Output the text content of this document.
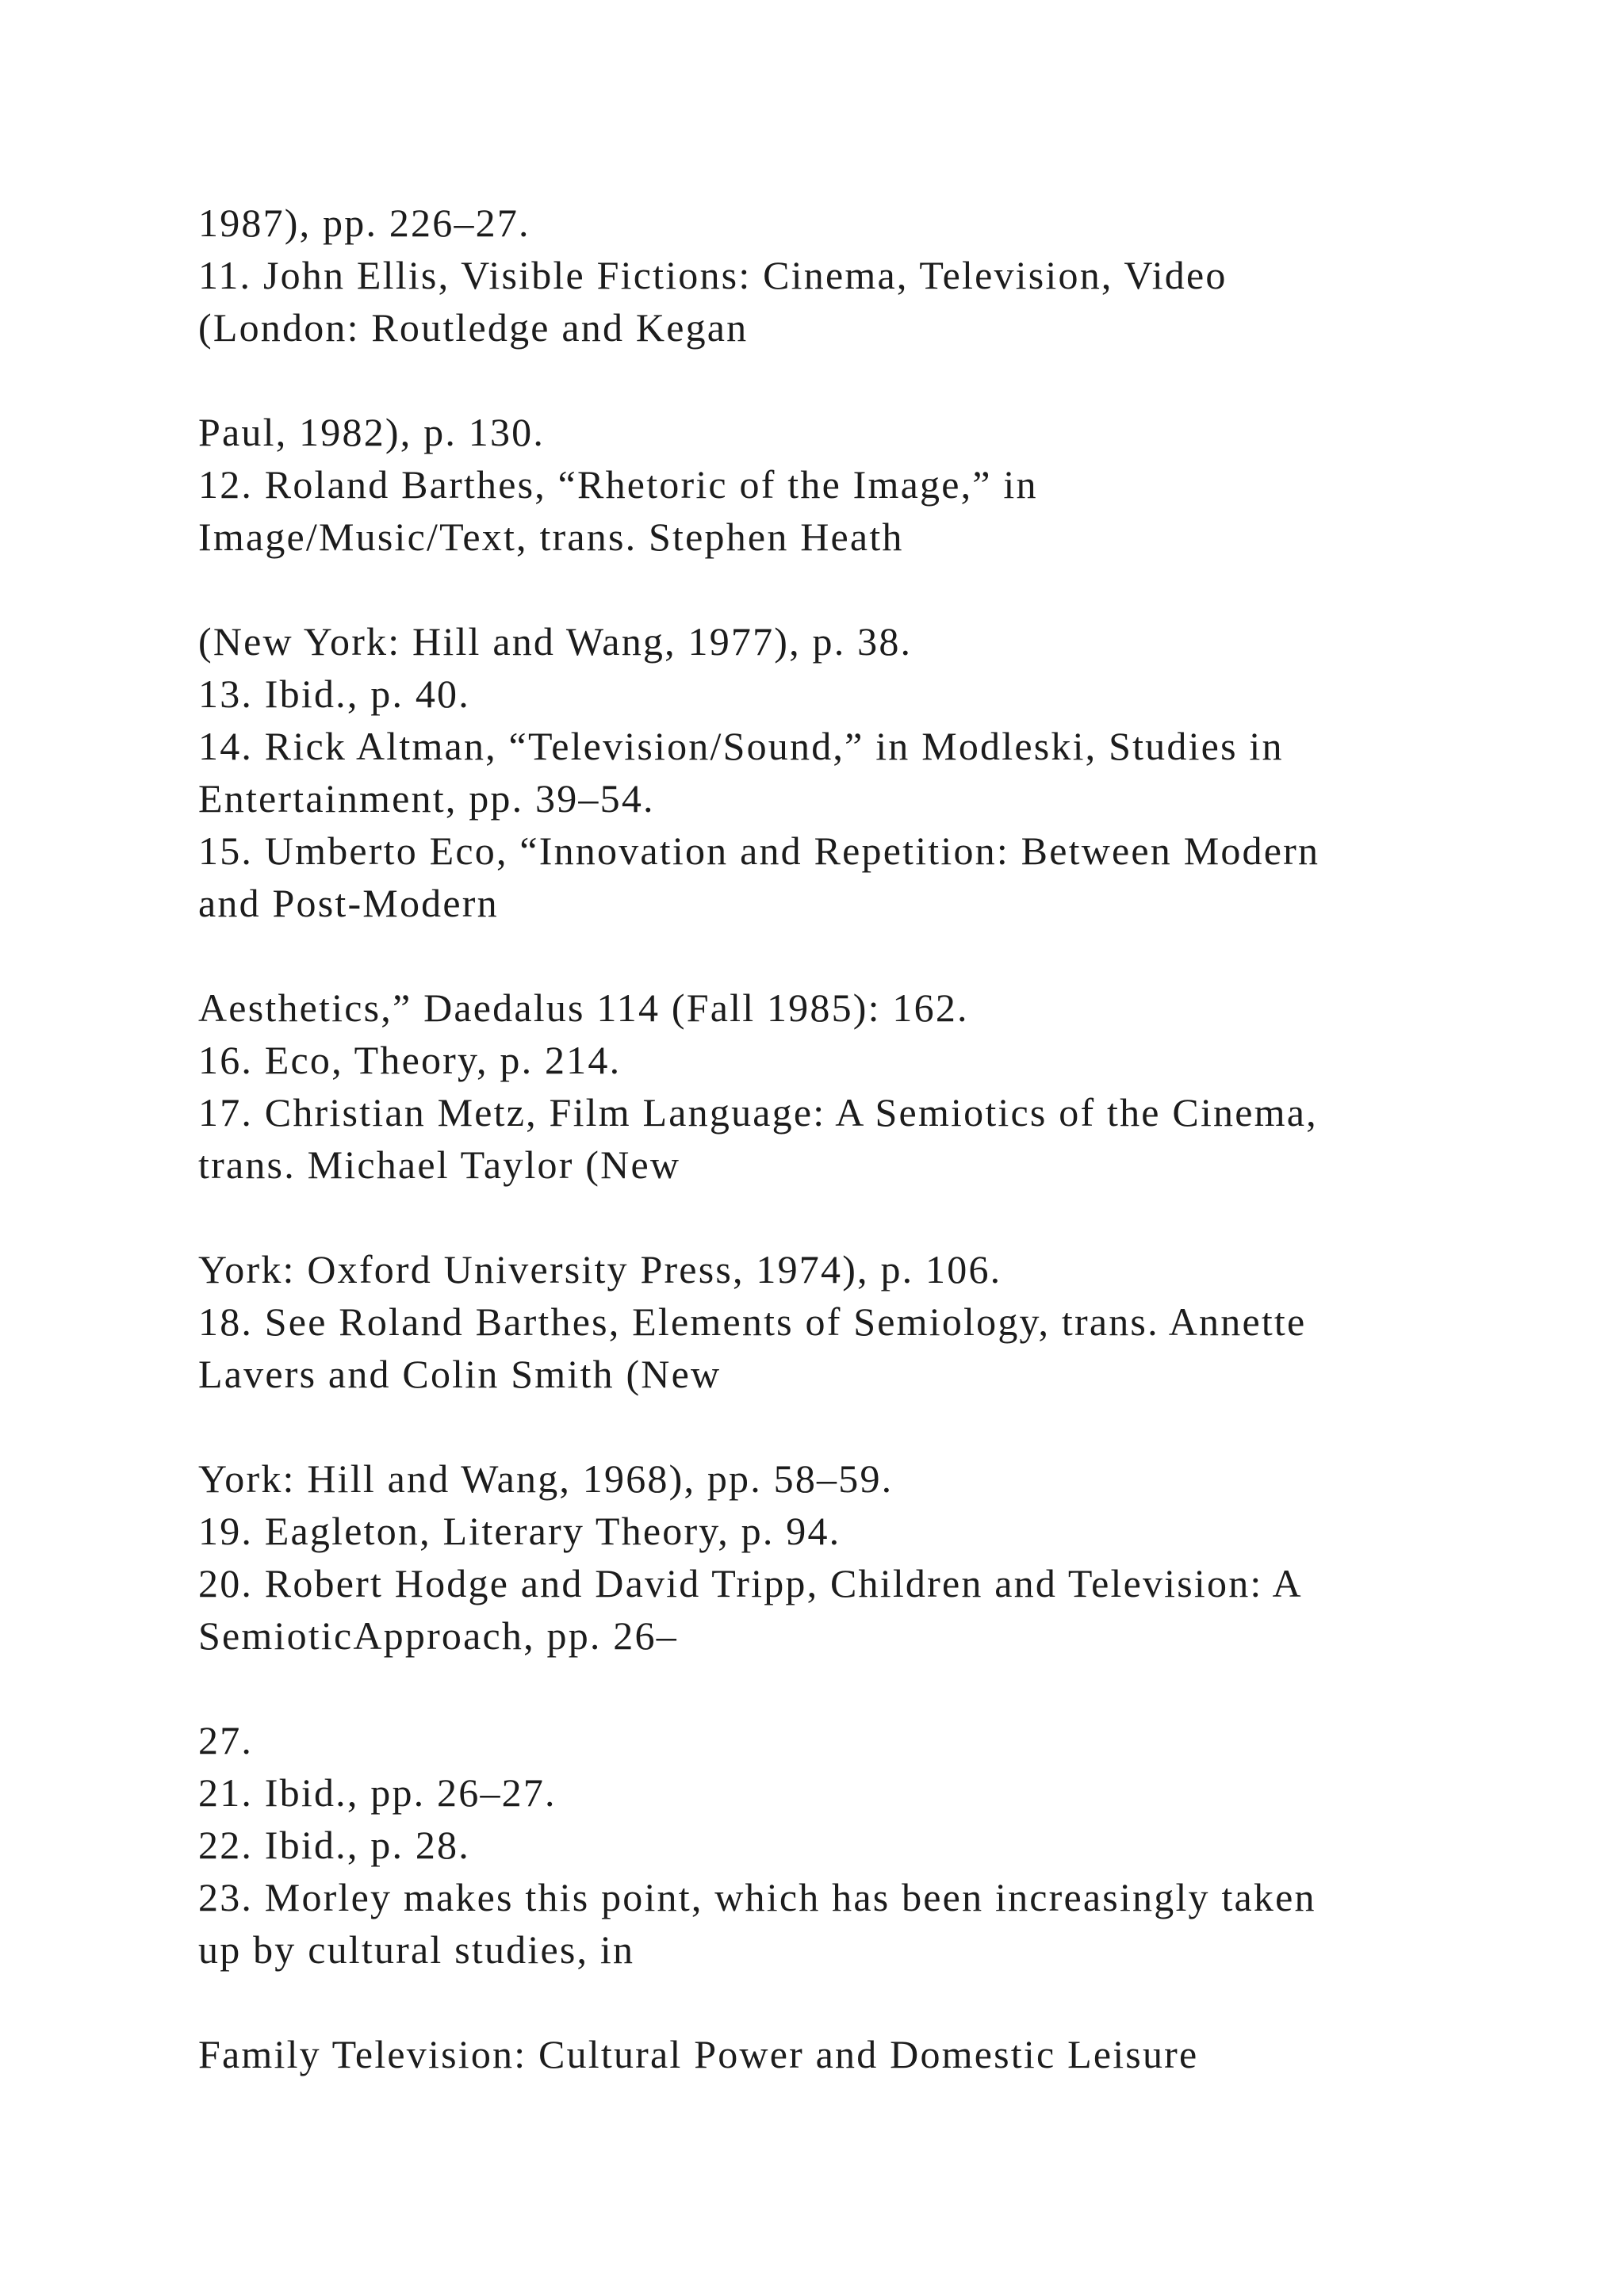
1987), pp. 226–27.
11. John Ellis, Visible Fictions: Cinema, Television, Video
(London: Routledge and Kegan
Paul, 1982), p. 130.
12. Roland Barthes, “Rhetoric of the Image,” in
Image/Music/Text, trans. Stephen Heath
(New York: Hill and Wang, 1977), p. 38.
13. Ibid., p. 40.
14. Rick Altman, “Television/Sound,” in Modleski, Studies in
Entertainment, pp. 39–54.
15. Umberto Eco, “Innovation and Repetition: Between Modern
and Post-Modern
Aesthetics,” Daedalus 114 (Fall 1985): 162.
16. Eco, Theory, p. 214.
17. Christian Metz, Film Language: A Semiotics of the Cinema,
trans. Michael Taylor (New
York: Oxford University Press, 1974), p. 106.
18. See Roland Barthes, Elements of Semiology, trans. Annette
Lavers and Colin Smith (New
York: Hill and Wang, 1968), pp. 58–59.
19. Eagleton, Literary Theory, p. 94.
20. Robert Hodge and David Tripp, Children and Television: A
SemioticApproach, pp. 26–
27.
21. Ibid., pp. 26–27.
22. Ibid., p. 28.
23. Morley makes this point, which has been increasingly taken
up by cultural studies, in
Family Television: Cultural Power and Domestic Leisure
